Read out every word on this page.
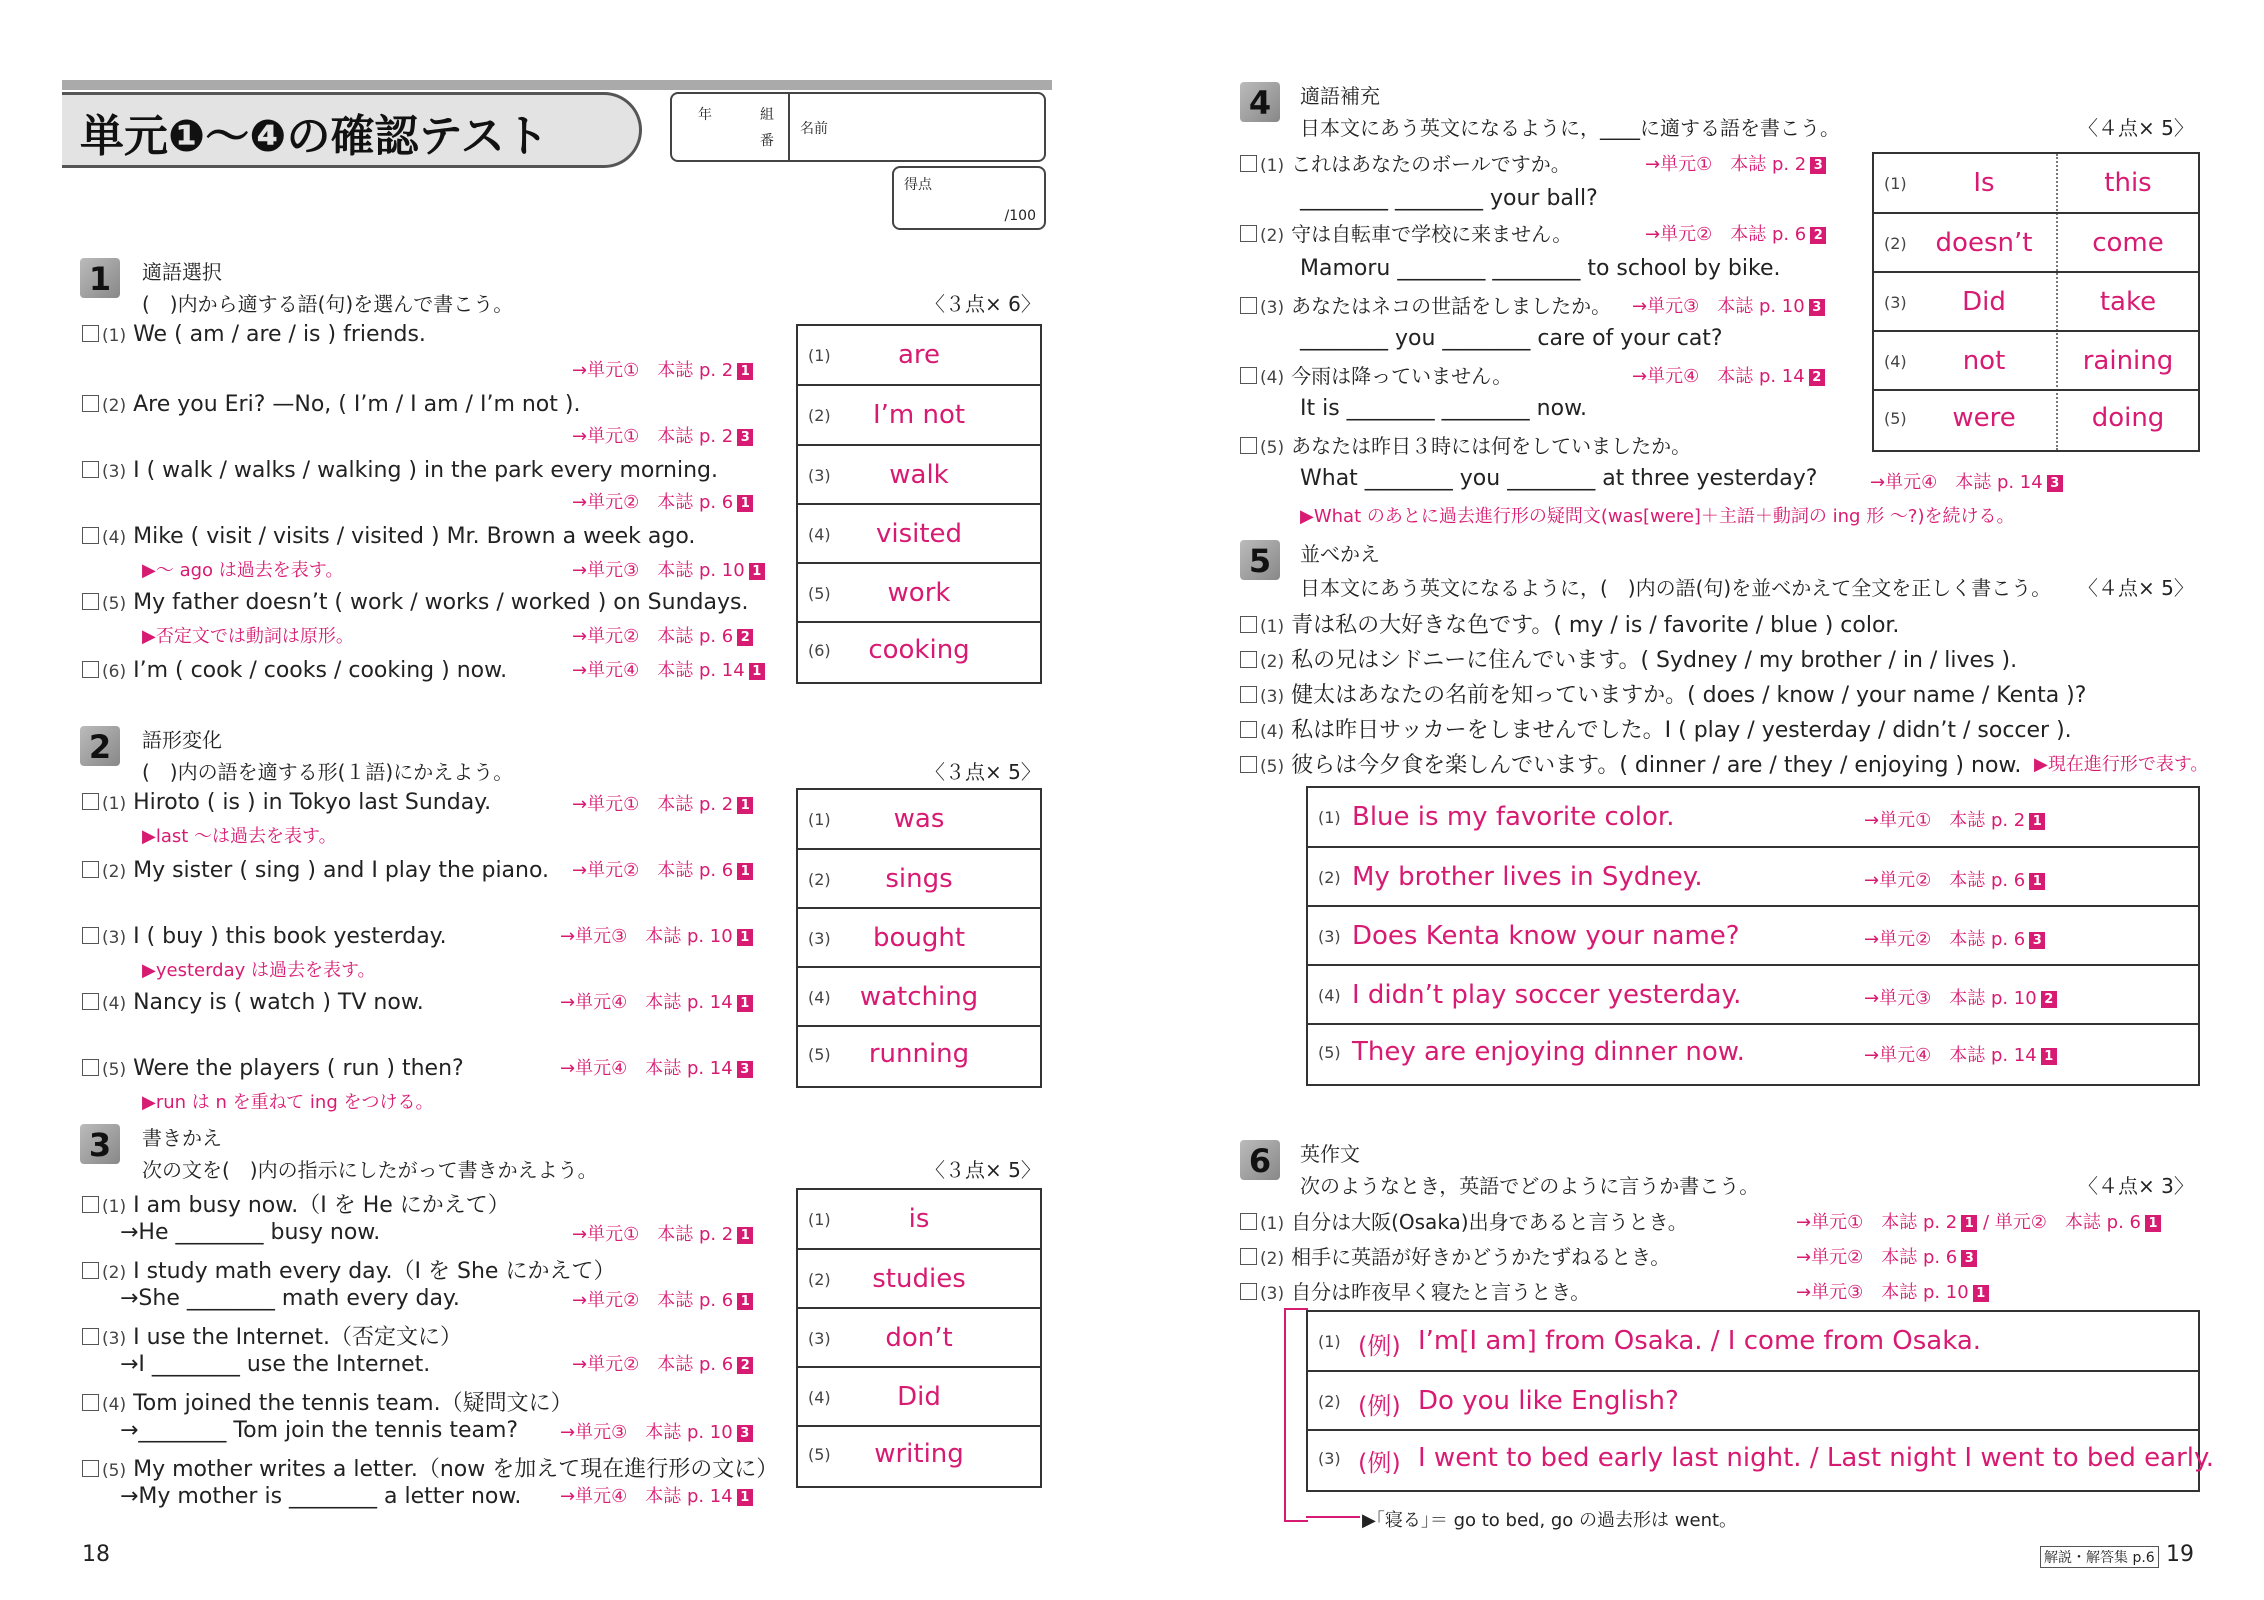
単元❶～❹の確認テスト	年	組
番
名前
得点
/100
1	適語選択
(　)内から適する語(句)を選んで書こう。	〈３点× 6〉
(1) We ( am / are / is ) friends.
→単元①　本誌 p. 2 1
(2) Are you Eri? —No, ( I’m / I am / I’m not ).
→単元①　本誌 p. 2 3
(3) I ( walk / walks / walking ) in the park every morning.
→単元②　本誌 p. 6 1
(4) Mike ( visit / visits / visited ) Mr. Brown a week ago.
▶～ ago は過去を表す。	→単元③　本誌 p. 10 1
(5) My father doesn’t ( work / works / worked ) on Sundays.
▶否定文では動詞は原形。	→単元②　本誌 p. 6 2
(6) I’m ( cook / cooks / cooking ) now.	→単元④　本誌 p. 14 1
(1)	are
(2)	I’m not
(3)	walk
(4)	visited
(5)	work
(6)	cooking
2	語形変化
(　)内の語を適する形(１語)にかえよう。	〈３点× 5〉
(1) Hiroto ( is ) in Tokyo last Sunday.
▶last ～は過去を表す。
→単元①　本誌 p. 2 1
(2) My sister ( sing ) and I play the piano. →単元②　本誌 p. 6 1
(3) I ( buy ) this book yesterday.
▶yesterday は過去を表す。
→単元③　本誌 p. 10 1
(4) Nancy is ( watch ) TV now.	→単元④　本誌 p. 14 1
(5) Were the players ( run ) then?
▶run は n を重ねて ing をつける。
→単元④　本誌 p. 14 3
(1)	was
(2)	sings
(3)	bought
(4)	watching
(5)	running
3	書きかえ
次の文を(　)内の指示にしたがって書きかえよう。	〈３点× 5〉
(1) I am busy now.（I を He にかえて）
→He ________ busy now.	→単元①　本誌 p. 2 1
(2) I study math every day.（I を She にかえて）
→She ________ math every day.	→単元②　本誌 p. 6 1
(3) I use the Internet.（否定文に）
→I ________ use the Internet.	→単元②　本誌 p. 6 2
(4) Tom joined the tennis team.（疑問文に）
→________ Tom join the tennis team? →単元③　本誌 p. 10 3
(5) My mother writes a letter.（now を加えて現在進行形の文に）
→My mother is ________ a letter now. →単元④　本誌 p. 14 1
(1)	is
(2)	studies
(3)	don’t
(4)	Did
(5)	writing
18
4	適語補充
日本文にあう英文になるように，____に適する語を書こう。	〈４点× 5〉
(1) これはあなたのボールですか。	→単元①　本誌 p. 2 3
________ ________ your ball?
(2) 守は自転車で学校に来ません。	→単元②　本誌 p. 6 2
Mamoru ________ ________ to school by bike.
(3) あなたはネコの世話をしましたか。 →単元③　本誌 p. 10 3
________ you ________ care of your cat?
(4) 今雨は降っていません。	→単元④　本誌 p. 14 2
It is ________ ________ now.
(5) あなたは昨日３時には何をしていましたか。
What ________ you ________ at three yesterday?	→単元④　本誌 p. 14 3
▶What のあとに過去進行形の疑問文(was[were]＋主語＋動詞の ing 形 ～?)を続ける。
(1)	Is	this
(2)	doesn’t	come
(3)	Did	take
(4)	not	raining
(5)	were	doing
5	並べかえ
日本文にあう英文になるように，(　)内の語(句)を並べかえて全文を正しく書こう。 〈４点× 5〉
(1) 青は私の大好きな色です。( my / is / favorite / blue ) color.
(2) 私の兄はシドニーに住んでいます。( Sydney / my brother / in / lives ).
(3) 健太はあなたの名前を知っていますか。( does / know / your name / Kenta )?
(4) 私は昨日サッカーをしませんでした。I ( play / yesterday / didn’t / soccer ).
(5) 彼らは今夕食を楽しんでいます。( dinner / are / they / enjoying ) now. ▶現在進行形で表す。
(1) Blue is my favorite color.	→単元①　本誌 p. 2 1
(2) My brother lives in Sydney.	→単元②　本誌 p. 6 1
(3) Does Kenta know your name?	→単元②　本誌 p. 6 3
(4) I didn’t play soccer yesterday.	→単元③　本誌 p. 10 2
(5) They are enjoying dinner now.	→単元④　本誌 p. 14 1
6	英作文
次のようなとき，英語でどのように言うか書こう。	〈４点× 3〉
(1) 自分は大阪(Osaka)出身であると言うとき。	→単元①　本誌 p. 2 1 / 単元②　本誌 p. 6 1
(2) 相手に英語が好きかどうかたずねるとき。	→単元②　本誌 p. 6 3
(3) 自分は昨夜早く寝たと言うとき。	→単元③　本誌 p. 10 1
(1) (例) I’m[I am] from Osaka. / I come from Osaka.
(2) (例) Do you like English?
(3) (例) I went to bed early last night. / Last night I went to bed early.
▶｢寝る｣＝ go to bed, go の過去形は went。
解説・解答集 p.6 19
